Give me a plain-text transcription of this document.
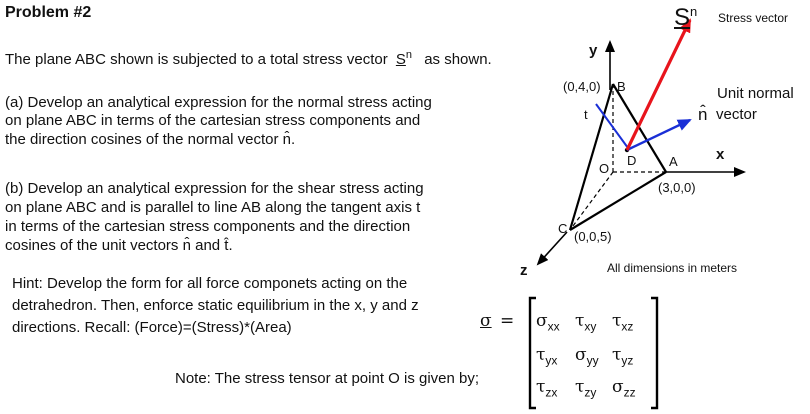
Problem #2
The plane ABC shown is subjected to a total stress vector $S^n$ as shown.
(a) Develop an analytical expression for the normal stress acting
on plane ABC in terms of the cartesian stress components and
the direction cosines of the normal vector n̂.
(b) Develop an analytical expression for the shear stress acting
on plane ABC and is parallel to line AB along the tangent axis t
in terms of the cartesian stress components and the direction
cosines of the unit vectors n̂ and t̂.
Hint: Develop the form for all force componets acting on the
detrahedron. Then, enforce static equilibrium in the x, y and z
directions. Recall: (Force)=(Stress)*(Area)
Note: The stress tensor at point O is given by;
$S^n$ Stress vector
Unit normal
n̂ vector
y
x
z
(0,4,0) B
t
O
D	A
(3,0,0)
C
(0,0,5)
All dimensions in meters
$\sigma = \sigma_{xx}$ $\tau_{xy}$ $\tau_{xz}$
$\tau_{yx}$ $\sigma_{yy}$ $\tau_{yz}$
$\tau_{zx}$ $\tau_{zy}$ $\sigma_{zz}$
